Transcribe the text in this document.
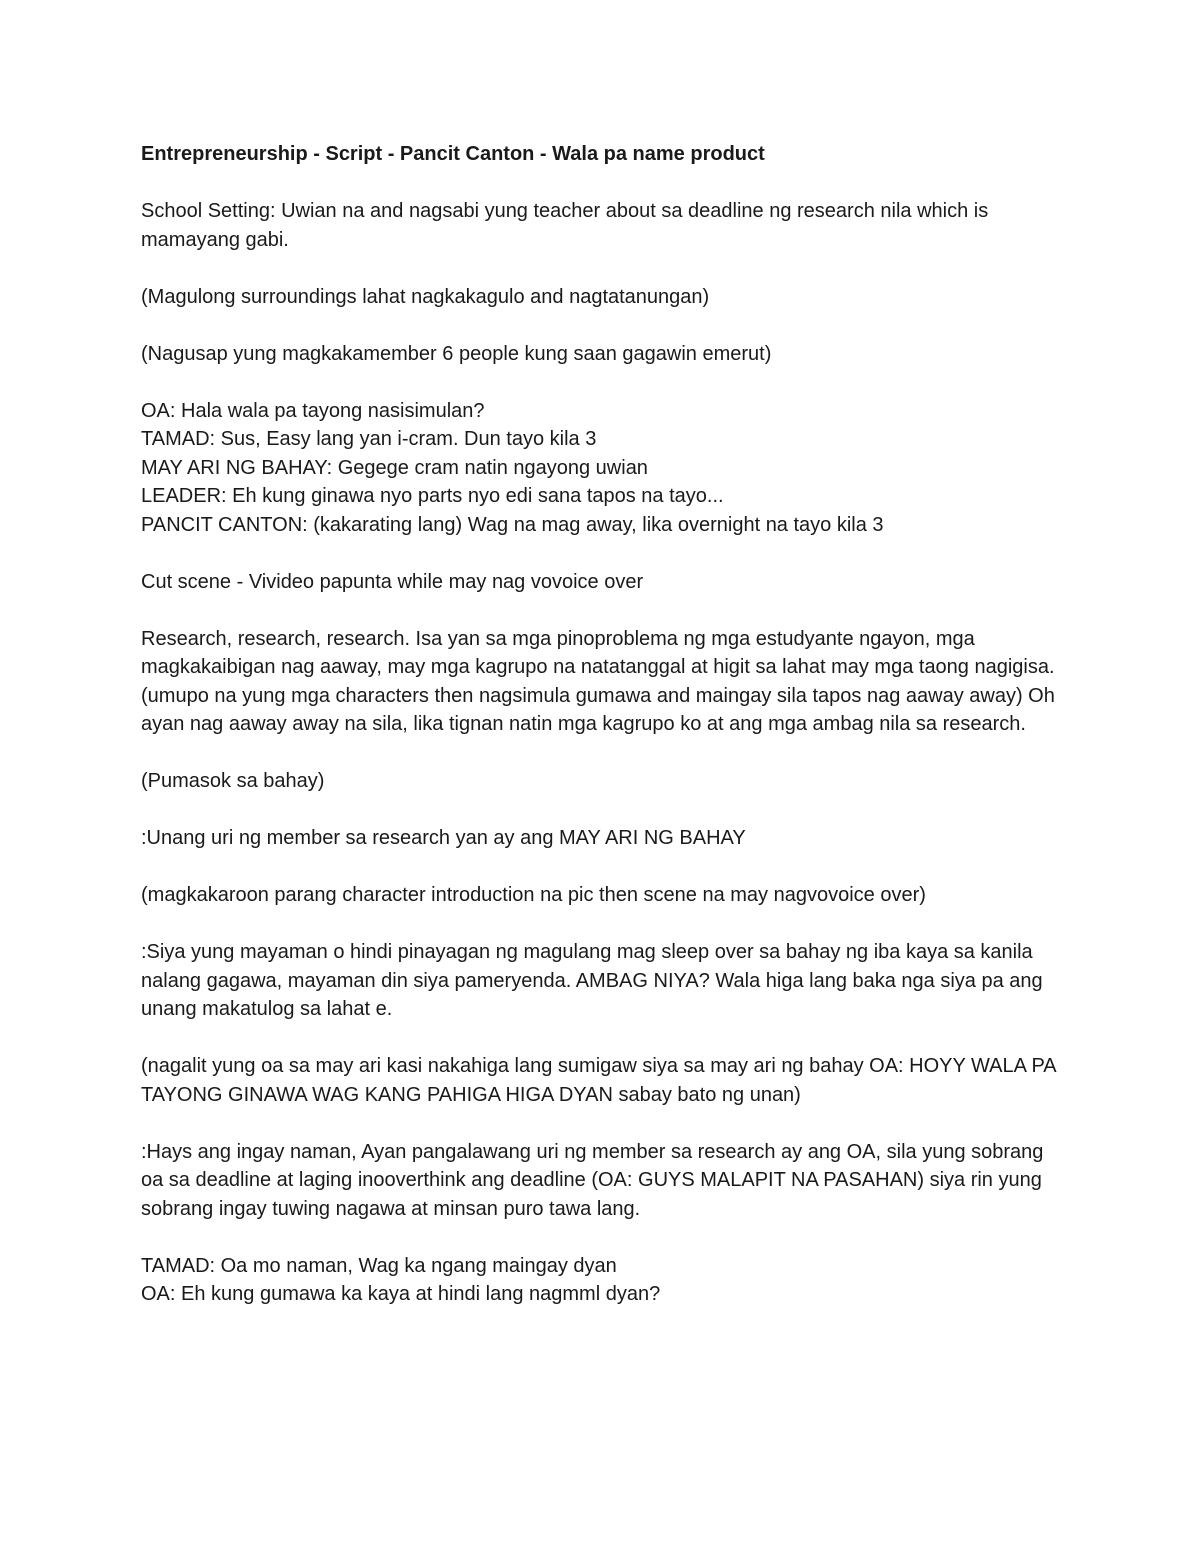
Entrepreneurship - Script - Pancit Canton - Wala pa name product
School Setting: Uwian na and nagsabi yung teacher about sa deadline ng research nila which is mamayang gabi.
(Magulong surroundings lahat nagkakagulo and nagtatanungan)
(Nagusap yung magkakamember 6 people kung saan gagawin emerut)
OA: Hala wala pa tayong nasisimulan?
TAMAD: Sus, Easy lang yan i-cram. Dun tayo kila 3
MAY ARI NG BAHAY: Gegege cram natin ngayong uwian
LEADER: Eh kung ginawa nyo parts nyo edi sana tapos na tayo...
PANCIT CANTON: (kakarating lang) Wag na mag away, lika overnight na tayo kila 3
Cut scene - Vivideo papunta while may nag vovoice over
Research, research, research. Isa yan sa mga pinoproblema ng mga estudyante ngayon, mga magkakaibigan nag aaway, may mga kagrupo na natatanggal at higit sa lahat may mga taong nagigisa. (umupo na yung mga characters then nagsimula gumawa and maingay sila tapos nag aaway away) Oh ayan nag aaway away na sila, lika tignan natin mga kagrupo ko at ang mga ambag nila sa research.
(Pumasok sa bahay)
:Unang uri ng member sa research yan ay ang MAY ARI NG BAHAY
(magkakaroon parang character introduction na pic then scene na may nagvovoice over)
:Siya yung mayaman o hindi pinayagan ng magulang mag sleep over sa bahay ng iba kaya sa kanila nalang gagawa, mayaman din siya pameryenda. AMBAG NIYA? Wala higa lang baka nga siya pa ang unang makatulog sa lahat e.
(nagalit yung oa sa may ari kasi nakahiga lang sumigaw siya sa may ari ng bahay OA: HOYY WALA PA TAYONG GINAWA WAG KANG PAHIGA HIGA DYAN sabay bato ng unan)
:Hays ang ingay naman, Ayan pangalawang uri ng member sa research ay ang OA, sila yung sobrang oa sa deadline at laging inooverthink ang deadline (OA: GUYS MALAPIT NA PASAHAN) siya rin yung sobrang ingay tuwing nagawa at minsan puro tawa lang.
TAMAD: Oa mo naman, Wag ka ngang maingay dyan
OA: Eh kung gumawa ka kaya at hindi lang nagmml dyan?
